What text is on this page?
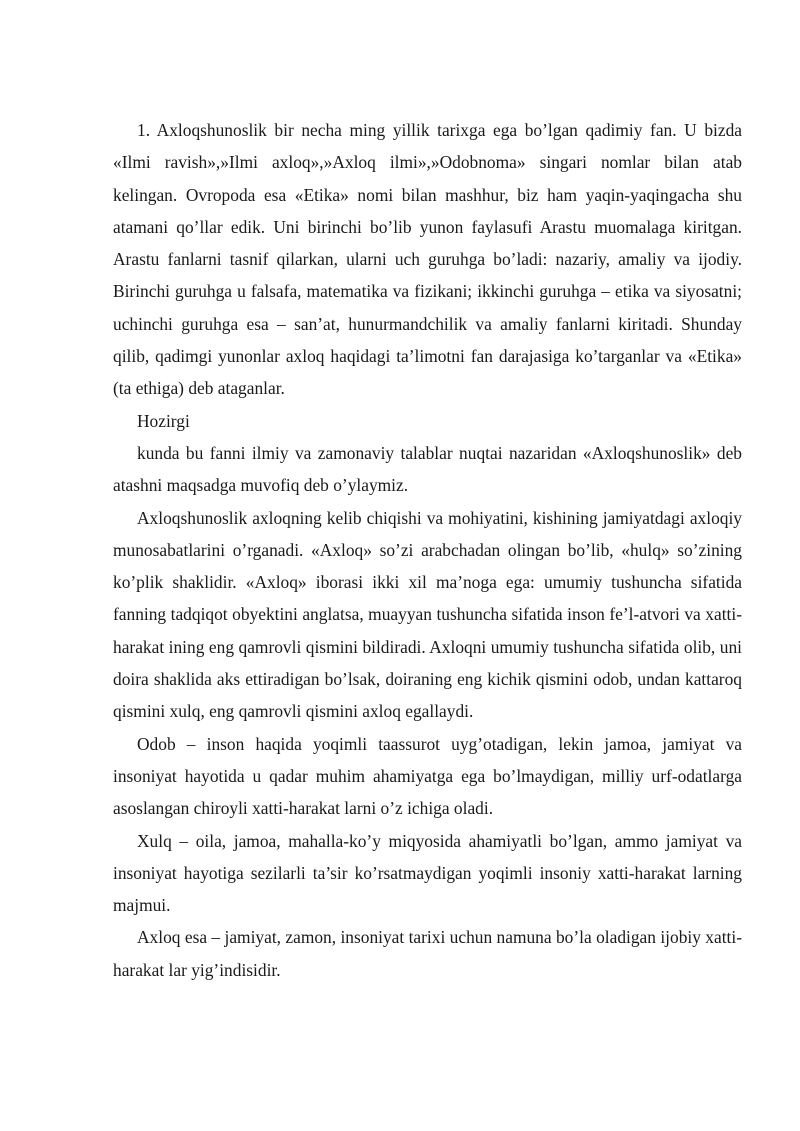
1. Axloqshunoslik bir necha ming yillik tarixga ega bo’lgan qadimiy fan. U bizda «Ilmi ravish»,»Ilmi axloq»,»Axloq ilmi»,»Odobnoma» singari nomlar bilan atab kelingan. Ovropoda esa «Etika» nomi bilan mashhur, biz ham yaqin-yaqingacha shu atamani qo’llar edik. Uni birinchi bo’lib yunon faylasufi Arastu muomalaga kiritgan. Arastu fanlarni tasnif qilarkan, ularni uch guruhga bo’ladi: nazariy, amaliy va ijodiy. Birinchi guruhga u falsafa, matematika va fizikani; ikkinchi guruhga – etika va siyosatni; uchinchi guruhga esa – san’at, hunurmandchilik va amaliy fanlarni kiritadi. Shunday qilib, qadimgi yunonlar axloq haqidagi ta’limotni fan darajasiga ko’targanlar va «Etika» (ta ethiga) deb ataganlar.

Hozirgi

kunda bu fanni ilmiy va zamonaviy talablar nuqtai nazaridan «Axloqshunoslik» deb atashni maqsadga muvofiq deb o’ylaymiz.

Axloqshunoslik axloqning kelib chiqishi va mohiyatini, kishining jamiyatdagi axloqiy munosabatlarini o’rganadi. «Axloq» so’zi arabchadan olingan bo’lib, «hulq» so’zining ko’plik shaklidir. «Axloq» iborasi ikki xil ma’noga ega: umumiy tushuncha sifatida fanning tadqiqot obyektini anglatsa, muayyan tushuncha sifatida inson fe’l-atvori va xatti-harakat ining eng qamrovli qismini bildiradi. Axloqni umumiy tushuncha sifatida olib, uni doira shaklida aks ettiradigan bo’lsak, doiraning eng kichik qismini odob, undan kattaroq qismini xulq, eng qamrovli qismini axloq egallaydi.

Odob – inson haqida yoqimli taassurot uyg’otadigan, lekin jamoa, jamiyat va insoniyat hayotida u qadar muhim ahamiyatga ega bo’lmaydigan, milliy urf-odatlarga asoslangan chiroyli xatti-harakat larni o’z ichiga oladi.

Xulq – oila, jamoa, mahalla-ko’y miqyosida ahamiyatli bo’lgan, ammo jamiyat va insoniyat hayotiga sezilarli ta’sir ko’rsatmaydigan yoqimli insoniy xatti-harakat larning majmui.

Axloq esa – jamiyat, zamon, insoniyat tarixi uchun namuna bo’la oladigan ijobiy xatti-harakat lar yig’indisidir.
